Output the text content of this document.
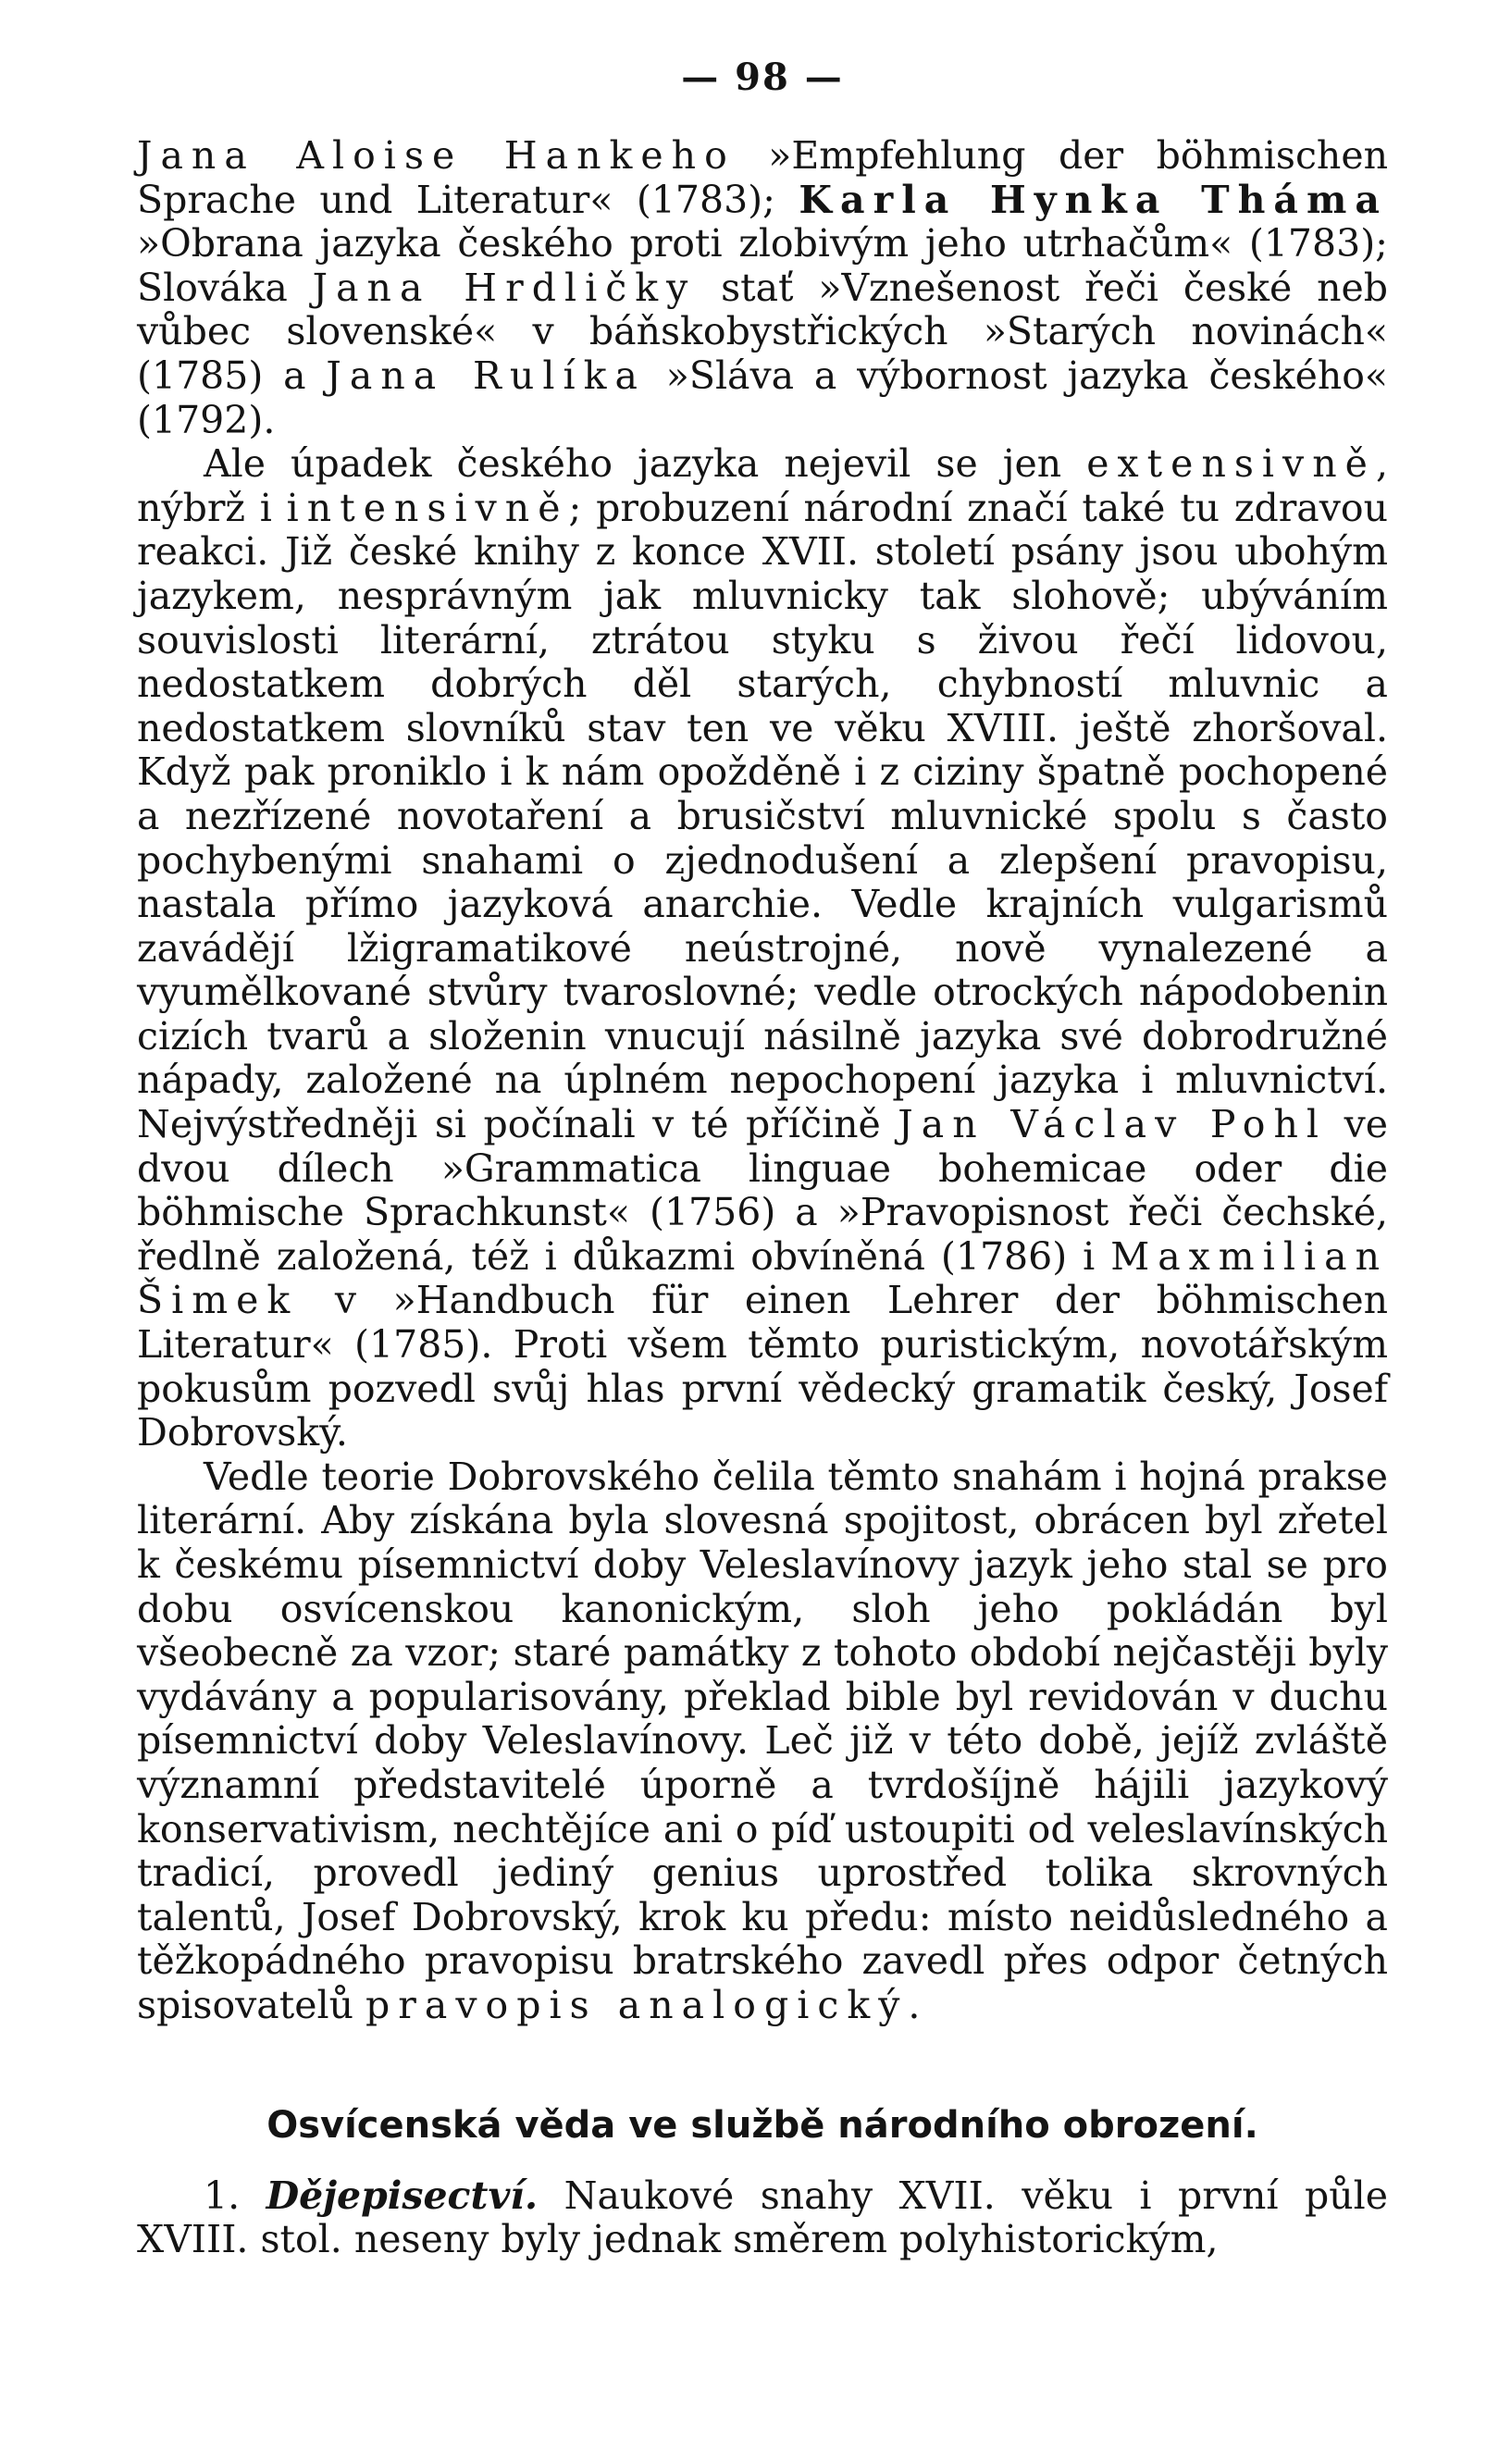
— 98 —

Jana Aloise Hankeho »Empfehlung der böhmischen Sprache und Literatur« (1783); Karla Hynka Tháma »Obrana jazyka českého proti zlobivým jeho utrhačům« (1783); Slováka Jana Hrdličky stať »Vznešenost řeči české neb vůbec slovenské« v báňskobystřických »Starých novinách« (1785) a Jana Rulíka »Sláva a výbornost jazyka českého« (1792).

Ale úpadek českého jazyka nejevil se jen extensivně, nýbrž i intensivně; probuzení národní značí také tu zdravou reakci. Již české knihy z konce XVII. století psány jsou ubohým jazykem, nesprávným jak mluvnicky tak slohově; ubýváním souvislosti literární, ztrátou styku s živou řečí lidovou, nedostatkem dobrých děl starých, chybností mluvnic a nedostatkem slovníků stav ten ve věku XVIII. ještě zhoršoval. Když pak proniklo i k nám opožděně i z ciziny špatně pochopené a nezřízené novotaření a brusičství mluvnické spolu s často pochybenými snahami o zjednodušení a zlepšení pravopisu, nastala přímo jazyková anarchie. Vedle krajních vulgarismů zavádějí lžigramatikové neústrojné, nově vynalezené a vyumělkované stvůry tvaroslovné; vedle otrockých nápodobenin cizích tvarů a složenin vnucují násilně jazyka své dobrodružné nápady, založené na úplném nepochopení jazyka i mluvnictví. Nejvýstředněji si počínali v té příčině Jan Václav Pohl ve dvou dílech »Grammatica linguae bohemicae oder die böhmische Sprachkunst« (1756) a »Pravopisnost řeči čechské, ředlně založená, též i důkazmi obvíněná (1786) i Maxmilian Šimek v »Handbuch für einen Lehrer der böhmischen Literatur« (1785). Proti všem těmto puristickým, novotářským pokusům pozvedl svůj hlas první vědecký gramatik český, Josef Dobrovský.

Vedle teorie Dobrovského čelila těmto snahám i hojná prakse literární. Aby získána byla slovesná spojitost, obrácen byl zřetel k českému písemnictví doby Veleslavínovy jazyk jeho stal se pro dobu osvícenskou kanonickým, sloh jeho pokládán byl všeobecně za vzor; staré památky z tohoto období nejčastěji byly vydávány a popularisovány, překlad bible byl revidován v duchu písemnictví doby Veleslavínovy. Leč již v této době, jejíž zvláště významní představitelé úporně a tvrdošíjně hájili jazykový konservativism, nechtějíce ani o píď ustoupiti od veleslavínských tradicí, provedl jediný genius uprostřed tolika skrovných talentů, Josef Dobrovský, krok ku předu: místo neidůsledného a těžkopádného pravopisu bratrského zavedl přes odpor četných spisovatelů pravopis analogický.

Osvícenská věda ve službě národního obrození.

1. Dějepisectví. Naukové snahy XVII. věku i první půle XVIII. stol. neseny byly jednak směrem polyhistorickým,
